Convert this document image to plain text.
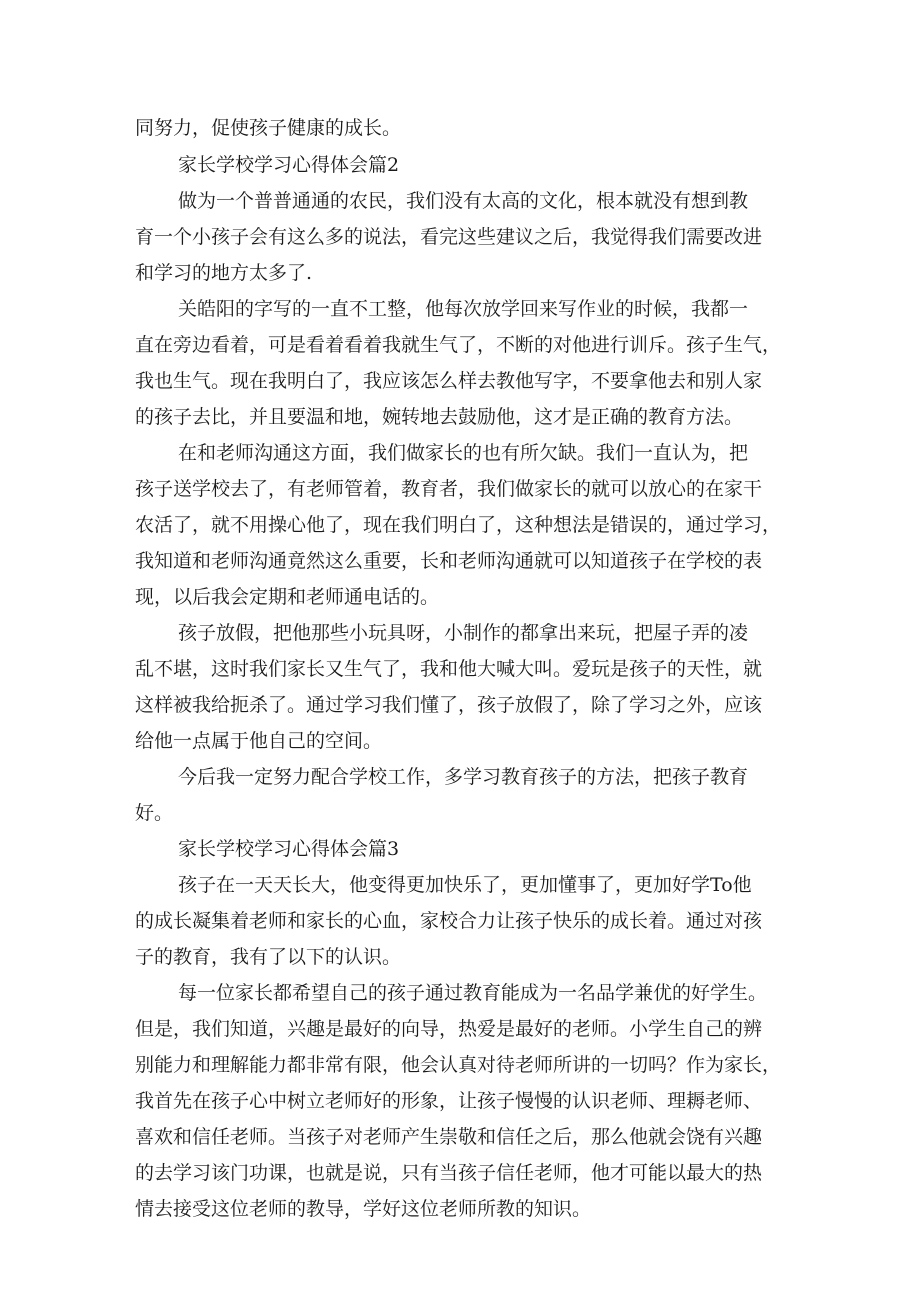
同努力，促使孩子健康的成长。

家长学校学习心得体会篇2

做为一个普普通通的农民，我们没有太高的文化，根本就没有想到教

育一个小孩子会有这么多的说法，看完这些建议之后，我觉得我们需要改进

和学习的地方太多了.

关皓阳的字写的一直不工整，他每次放学回来写作业的时候，我都一

直在旁边看着，可是看着看着我就生气了，不断的对他进行训斥。孩子生气，

我也生气。现在我明白了，我应该怎么样去教他写字，不要拿他去和别人家

的孩子去比，并且要温和地，婉转地去鼓励他，这才是正确的教育方法。

在和老师沟通这方面，我们做家长的也有所欠缺。我们一直认为，把

孩子送学校去了，有老师管着，教育者，我们做家长的就可以放心的在家干

农活了，就不用操心他了，现在我们明白了，这种想法是错误的，通过学习，

我知道和老师沟通竟然这么重要，长和老师沟通就可以知道孩子在学校的表

现，以后我会定期和老师通电话的。

孩子放假，把他那些小玩具呀，小制作的都拿出来玩，把屋子弄的凌

乱不堪，这时我们家长又生气了，我和他大喊大叫。爱玩是孩子的天性，就

这样被我给扼杀了。通过学习我们懂了，孩子放假了，除了学习之外，应该

给他一点属于他自己的空间。

今后我一定努力配合学校工作，多学习教育孩子的方法，把孩子教育

好。

家长学校学习心得体会篇3

孩子在一天天长大，他变得更加快乐了，更加懂事了，更加好学To他

的成长凝集着老师和家长的心血，家校合力让孩子快乐的成长着。通过对孩

子的教育，我有了以下的认识。

每一位家长都希望自己的孩子通过教育能成为一名品学兼优的好学生。

但是，我们知道，兴趣是最好的向导，热爱是最好的老师。小学生自己的辨

别能力和理解能力都非常有限，他会认真对待老师所讲的一切吗？作为家长，

我首先在孩子心中树立老师好的形象，让孩子慢慢的认识老师、理耨老师、

喜欢和信任老师。当孩子对老师产生崇敬和信任之后，那么他就会饶有兴趣

的去学习该门功课，也就是说，只有当孩子信任老师，他才可能以最大的热

情去接受这位老师的教导，学好这位老师所教的知识。
